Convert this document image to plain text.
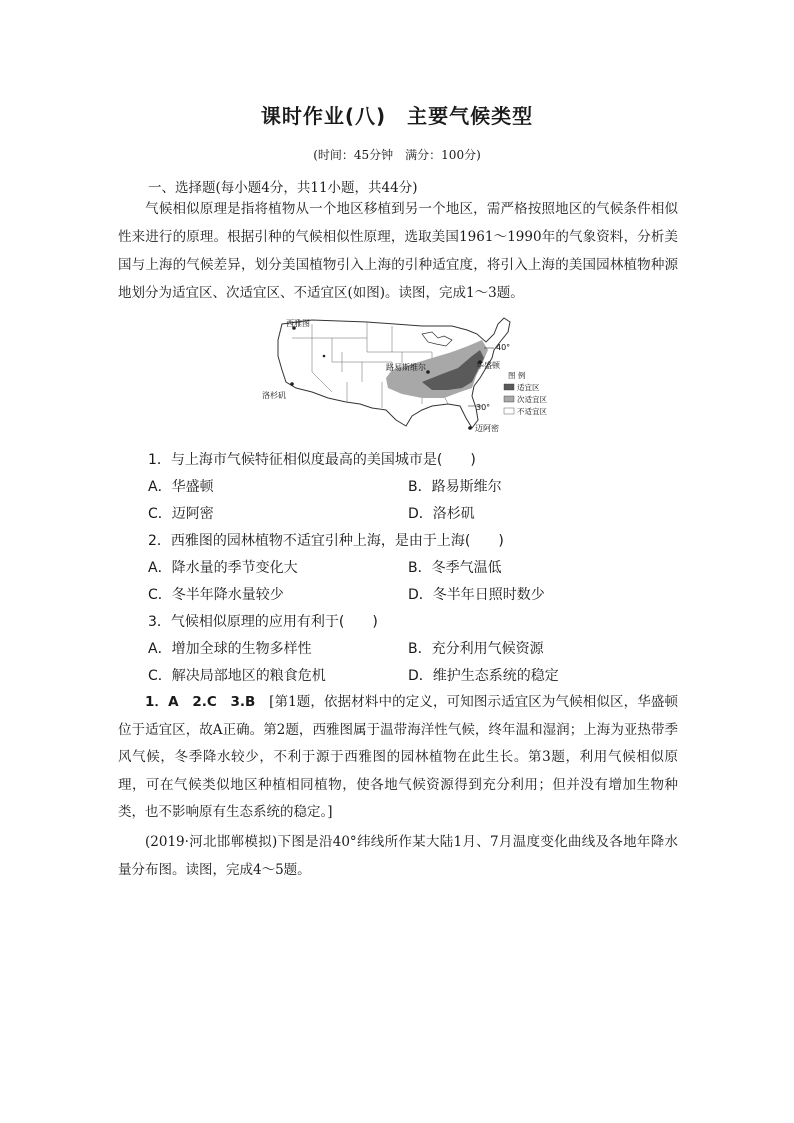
课时作业(八)　主要气候类型
(时间：45分钟　满分：100分)
一、选择题(每小题4分，共11小题，共44分)
气候相似原理是指将植物从一个地区移植到另一个地区，需严格按照地区的气候条件相似性来进行的原理。根据引种的气候相似性原理，选取美国1961～1990年的气象资料，分析美国与上海的气候差异，划分美国植物引入上海的引种适宜度，将引入上海的美国园林植物种源地划分为适宜区、次适宜区、不适宜区(如图)。读图，完成1～3题。
西雅图
华盛顿
路易斯维尔
洛杉矶
迈阿密
40°
30°
图 例
适宜区
次适宜区
不适宜区
1．与上海市气候特征相似度最高的美国城市是(　　)
A．华盛顿	B．路易斯维尔
C．迈阿密	D．洛杉矶
2．西雅图的园林植物不适宜引种上海，是由于上海(　　)
A．降水量的季节变化大	B．冬季气温低
C．冬半年降水量较少	D．冬半年日照时数少
3．气候相似原理的应用有利于(　　)
A．增加全球的生物多样性	B．充分利用气候资源
C．解决局部地区的粮食危机	D．维护生态系统的稳定
1．A　2.C　3.B　 [第1题，依据材料中的定义，可知图示适宜区为气候相似区，华盛顿位于适宜区，故A正确。第2题，西雅图属于温带海洋性气候，终年温和湿润；上海为亚热带季风气候，冬季降水较少，不利于源于西雅图的园林植物在此生长。第3题，利用气候相似原理，可在气候类似地区种植相同植物，使各地气候资源得到充分利用；但并没有增加生物种类，也不影响原有生态系统的稳定。]
(2019·河北邯郸模拟)下图是沿40°纬线所作某大陆1月、7月温度变化曲线及各地年降水量分布图。读图，完成4～5题。
